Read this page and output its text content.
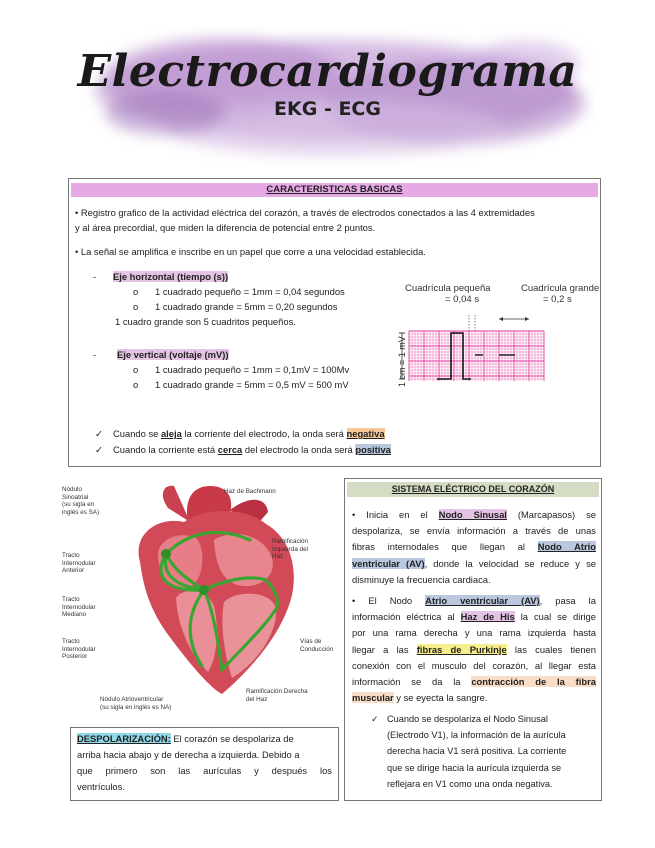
Electrocardiograma
EKG - ECG
CARACTERISTICAS BASICAS
• Registro grafico de la actividad eléctrica del corazón, a través de electrodos conectados a las 4 extremidades
y al área precordial, que miden la diferencia de potencial entre 2 puntos.
• La señal se amplifica e inscribe en un papel que corre a una velocidad establecida.
- Eje horizontal (tiempo (s))
o 1 cuadrado pequeño = 1mm = 0,04 segundos
o 1 cuadrado grande = 5mm = 0,20 segundos
1 cuadro grande son 5 cuadritos pequeños.
- Eje vertical (voltaje (mV))
o 1 cuadrado pequeño = 1mm = 0,1mV = 100Mv
o 1 cuadrado grande = 5mm = 0,5 mV = 500 mV
Cuadrícula pequeña
= 0,04 s
Cuadrícula grande
= 0,2 s
1 cm = 1 mV
✓ Cuando se aleja la corriente del electrodo, la onda será negativa
✓ Cuando la corriente está cerca del electrodo la onda será positiva
Nódulo
Sinoatrial
(su sigla en
inglés es SA)
Haz de Bachmann
Tracto
Internodular
Anterior
Tracto
Internodular
Mediano
Tracto
Internodular
Posterior
Ramificación
Izquierda del
Haz
Vías de
Conducción
Nódulo Atrioventricular
(su sigla en inglés es NA)
Ramificación Derecha
del Haz
DESPOLARIZACIÓN: El corazón se despolariza de
arriba hacia abajo y de derecha a izquierda. Debido a
que primero son las aurículas y después los
ventrículos.
SISTEMA ELÉCTRICO DEL CORAZÓN
• Inicia en el Nodo Sinusal (Marcapasos) se
despolariza, se envía información a través de unas
fibras internodales que llegan al Nodo Atrio
ventricular (AV), donde la velocidad se reduce y se
disminuye la frecuencia cardiaca.
• El Nodo Atrio ventricular (AV), pasa la
información eléctrica al Haz de His la cual se dirige
por una rama derecha y una rama izquierda hasta
llegar a las fibras de Purkinje las cuales tienen
conexión con el musculo del corazón, al llegar esta
información se da la contracción de la fibra
muscular y se eyecta la sangre.
✓ Cuando se despolariza el Nodo Sinusal
(Electrodo V1), la información de la aurícula
derecha hacia V1 será positiva. La corriente
que se dirige hacia la aurícula izquierda se
reflejara en V1 como una onda negativa.
